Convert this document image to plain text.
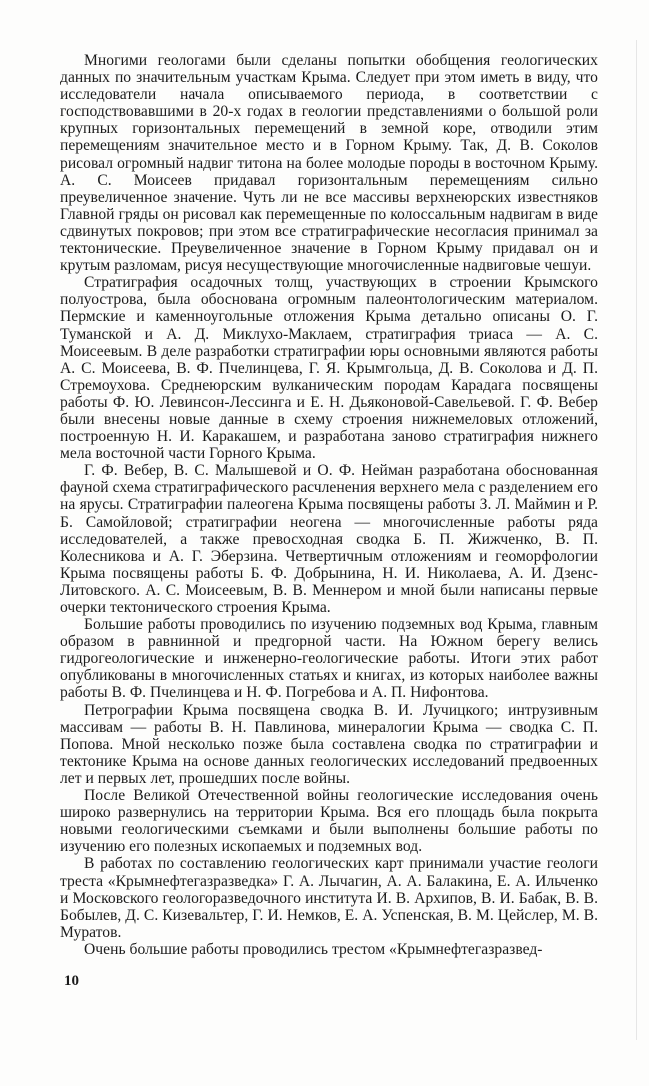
Многими геологами были сделаны попытки обобщения геологических данных по значительным участкам Крыма. Следует при этом иметь в виду, что исследователи начала описываемого периода, в соответствии с господствовавшими в 20-х годах в геологии представлениями о большой роли крупных горизонтальных перемещений в земной коре, отводили этим перемещениям значительное место и в Горном Крыму. Так, Д. В. Соколов рисовал огромный надвиг титона на более молодые породы в восточном Крыму. А. С. Моисеев придавал горизонтальным перемещениям сильно преувеличенное значение. Чуть ли не все массивы верхнеюрских известняков Главной гряды он рисовал как перемещенные по колоссальным надвигам в виде сдвинутых покровов; при этом все стратиграфические несогласия принимал за тектонические. Преувеличенное значение в Горном Крыму придавал он и крутым разломам, рисуя несуществующие многочисленные надвиговые чешуи.

Стратиграфия осадочных толщ, участвующих в строении Крымского полуострова, была обоснована огромным палеонтологическим материалом. Пермские и каменноугольные отложения Крыма детально описаны О. Г. Туманской и А. Д. Миклухо-Маклаем, стратиграфия триаса — А. С. Моисеевым. В деле разработки стратиграфии юры основными являются работы А. С. Моисеева, В. Ф. Пчелинцева, Г. Я. Крымгольца, Д. В. Соколова и Д. П. Стремоухова. Среднеюрским вулканическим породам Карадага посвящены работы Ф. Ю. Левинсон-Лессинга и Е. Н. Дьяконовой-Савельевой. Г. Ф. Вебер были внесены новые данные в схему строения нижнемеловых отложений, построенную Н. И. Каракашем, и разработана заново стратиграфия нижнего мела восточной части Горного Крыма.

Г. Ф. Вебер, В. С. Малышевой и О. Ф. Нейман разработана обоснованная фауной схема стратиграфического расчленения верхнего мела с разделением его на ярусы. Стратиграфии палеогена Крыма посвящены работы З. Л. Маймин и Р. Б. Самойловой; стратиграфии неогена — многочисленные работы ряда исследователей, а также превосходная сводка Б. П. Жижченко, В. П. Колесникова и А. Г. Эберзина. Четвертичным отложениям и геоморфологии Крыма посвящены работы Б. Ф. Добрынина, Н. И. Николаева, А. И. Дзенс-Литовского. А. С. Моисеевым, В. В. Меннером и мной были написаны первые очерки тектонического строения Крыма.

Большие работы проводились по изучению подземных вод Крыма, главным образом в равнинной и предгорной части. На Южном берегу велись гидрогеологические и инженерно-геологические работы. Итоги этих работ опубликованы в многочисленных статьях и книгах, из которых наиболее важны работы В. Ф. Пчелинцева и Н. Ф. Погребова и А. П. Нифонтова.

Петрографии Крыма посвящена сводка В. И. Лучицкого; интрузивным массивам — работы В. Н. Павлинова, минералогии Крыма — сводка С. П. Попова. Мной несколько позже была составлена сводка по стратиграфии и тектонике Крыма на основе данных геологических исследований предвоенных лет и первых лет, прошедших после войны.

После Великой Отечественной войны геологические исследования очень широко развернулись на территории Крыма. Вся его площадь была покрыта новыми геологическими съемками и были выполнены большие работы по изучению его полезных ископаемых и подземных вод.

В работах по составлению геологических карт принимали участие геологи треста «Крымнефтегазразведка» Г. А. Лычагин, А. А. Балакина, Е. А. Ильченко и Московского геологоразведочного института И. В. Архипов, В. И. Бабак, В. В. Бобылев, Д. С. Кизевальтер, Г. И. Немков, Е. А. Успенская, В. М. Цейслер, М. В. Муратов.

Очень большие работы проводились трестом «Крымнефтегазразвед-

10
